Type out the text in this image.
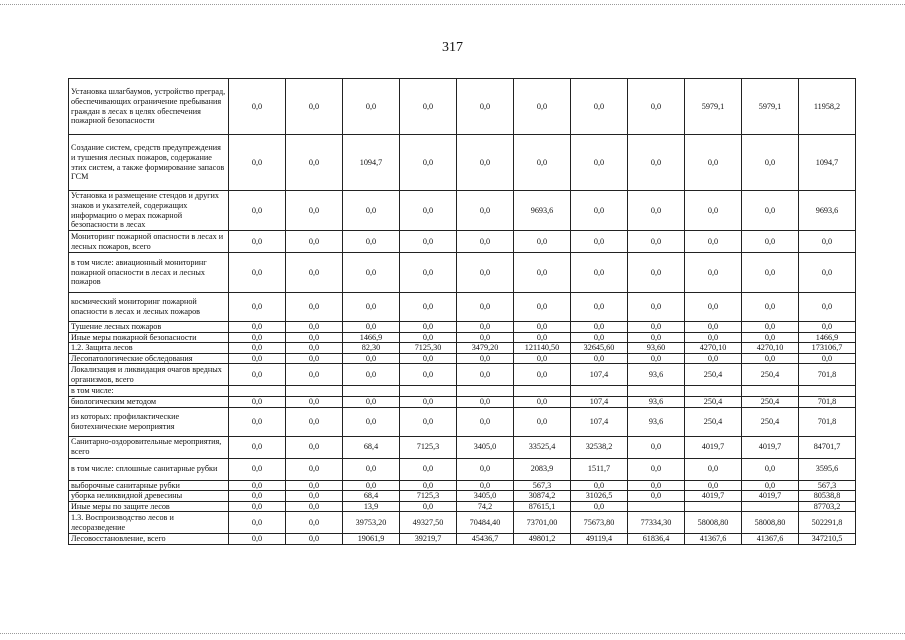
317
Установка шлагбаумов, устройство преград, обеспечивающих ограничение пребывания граждан в лесах в целях обеспечения пожарной безопасности	0,0	0,0	0,0	0,0	0,0	0,0	0,0	0,0	5979,1	5979,1	11958,2
Создание систем, средств предупреждения и тушения лесных пожаров, содержание этих систем, а также формирование запасов ГСМ	0,0	0,0	1094,7	0,0	0,0	0,0	0,0	0,0	0,0	0,0	1094,7
Установка и размещение стендов и других знаков и указателей, содержащих информацию о мерах пожарной безопасности в лесах	0,0	0,0	0,0	0,0	0,0	9693,6	0,0	0,0	0,0	0,0	9693,6
Мониторинг пожарной опасности в лесах и лесных пожаров, всего	0,0	0,0	0,0	0,0	0,0	0,0	0,0	0,0	0,0	0,0	0,0
в том числе: авиационный мониторинг пожарной опасности в лесах и лесных пожаров	0,0	0,0	0,0	0,0	0,0	0,0	0,0	0,0	0,0	0,0	0,0
космический мониторинг пожарной опасности в лесах и лесных пожаров	0,0	0,0	0,0	0,0	0,0	0,0	0,0	0,0	0,0	0,0	0,0
Тушение лесных пожаров	0,0	0,0	0,0	0,0	0,0	0,0	0,0	0,0	0,0	0,0	0,0
Иные меры пожарной безопасности	0,0	0,0	1466,9	0,0	0,0	0,0	0,0	0,0	0,0	0,0	1466,9
1.2. Защита лесов	0,0	0,0	82,30	7125,30	3479,20	121140,50	32645,60	93,60	4270,10	4270,10	173106,7
Лесопатологические обследования	0,0	0,0	0,0	0,0	0,0	0,0	0,0	0,0	0,0	0,0	0,0
Локализация и ликвидация очагов вредных организмов, всего	0,0	0,0	0,0	0,0	0,0	0,0	107,4	93,6	250,4	250,4	701,8
в том числе:											
биологическим методом	0,0	0,0	0,0	0,0	0,0	0,0	107,4	93,6	250,4	250,4	701,8
из которых: профилактические биотехнические мероприятия	0,0	0,0	0,0	0,0	0,0	0,0	107,4	93,6	250,4	250,4	701,8
Санитарно-оздоровительные мероприятия, всего	0,0	0,0	68,4	7125,3	3405,0	33525,4	32538,2	0,0	4019,7	4019,7	84701,7
в том числе: сплошные санитарные рубки	0,0	0,0	0,0	0,0	0,0	2083,9	1511,7	0,0	0,0	0,0	3595,6
выборочные санитарные рубки	0,0	0,0	0,0	0,0	0,0	567,3	0,0	0,0	0,0	0,0	567,3
уборка неликвидной древесины	0,0	0,0	68,4	7125,3	3405,0	30874,2	31026,5	0,0	4019,7	4019,7	80538,8
Иные меры по защите лесов	0,0	0,0	13,9	0,0	74,2	87615,1	0,0				87703,2
1.3. Воспроизводство лесов и лесоразведение	0,0	0,0	39753,20	49327,50	70484,40	73701,00	75673,80	77334,30	58008,80	58008,80	502291,8
Лесовосстановление, всего	0,0	0,0	19061,9	39219,7	45436,7	49801,2	49119,4	61836,4	41367,6	41367,6	347210,5
